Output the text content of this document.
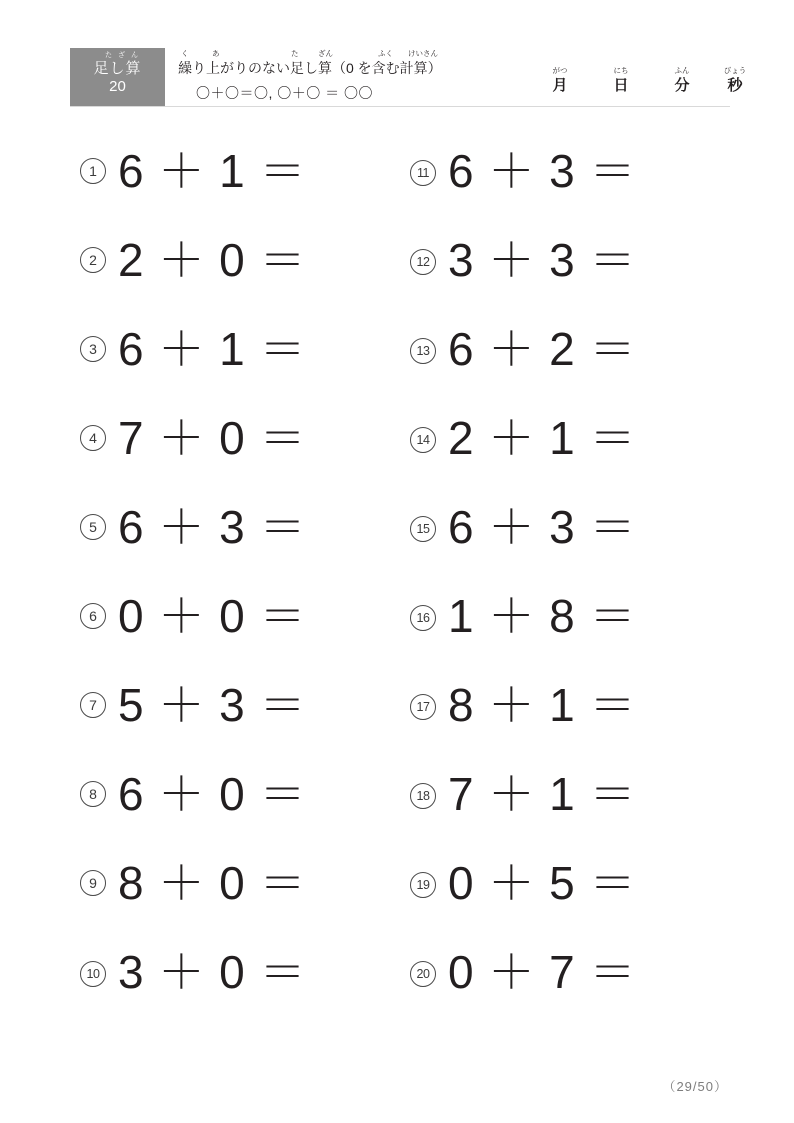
たざん
足し算
20
く	あ	た	ざん	ふく けいさん
繰り上がりのない足し算（0 を含む計算）
〇＋〇＝〇, 〇＋〇 ＝ 〇〇
がつ
月
にち
日
ふん
分
びょう
秒
1 6 ＋ 1 ＝
2 2 ＋ 0 ＝
3 6 ＋ 1 ＝
4 7 ＋ 0 ＝
5 6 ＋ 3 ＝
6 0 ＋ 0 ＝
7 5 ＋ 3 ＝
8 6 ＋ 0 ＝
9 8 ＋ 0 ＝
10 3 ＋ 0 ＝
11 6 ＋ 3 ＝
12 3 ＋ 3 ＝
13 6 ＋ 2 ＝
14 2 ＋ 1 ＝
15 6 ＋ 3 ＝
16 1 ＋ 8 ＝
17 8 ＋ 1 ＝
18 7 ＋ 1 ＝
19 0 ＋ 5 ＝
20 0 ＋ 7 ＝
（29/50）
